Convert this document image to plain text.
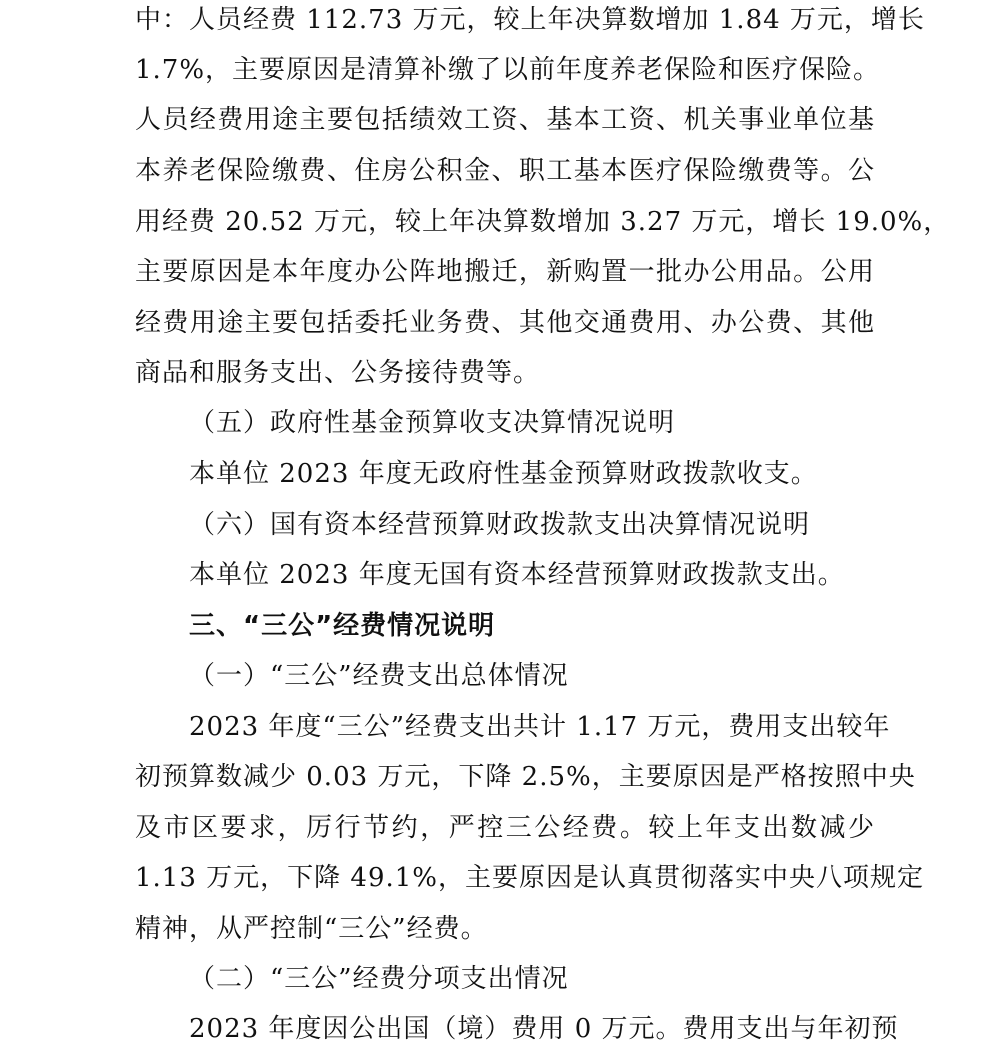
中：人员经费 112.73 万元，较上年决算数增加 1.84 万元，增长
1.7%，主要原因是清算补缴了以前年度养老保险和医疗保险。
人员经费用途主要包括绩效工资、基本工资、机关事业单位基
本养老保险缴费、住房公积金、职工基本医疗保险缴费等。公
用经费 20.52 万元，较上年决算数增加 3.27 万元，增长 19.0%，
主要原因是本年度办公阵地搬迁，新购置一批办公用品。公用
经费用途主要包括委托业务费、其他交通费用、办公费、其他
商品和服务支出、公务接待费等。
（五）政府性基金预算收支决算情况说明
本单位 2023 年度无政府性基金预算财政拨款收支。
（六）国有资本经营预算财政拨款支出决算情况说明
本单位 2023 年度无国有资本经营预算财政拨款支出。
三、“三公”经费情况说明
（一）“三公”经费支出总体情况
2023 年度“三公”经费支出共计 1.17 万元，费用支出较年
初预算数减少 0.03 万元，下降 2.5%，主要原因是严格按照中央
及市区要求，厉行节约，严控三公经费。较上年支出数减少
1.13 万元，下降 49.1%，主要原因是认真贯彻落实中央八项规定
精神，从严控制“三公”经费。
（二）“三公”经费分项支出情况
2023 年度因公出国（境）费用 0 万元。费用支出与年初预
